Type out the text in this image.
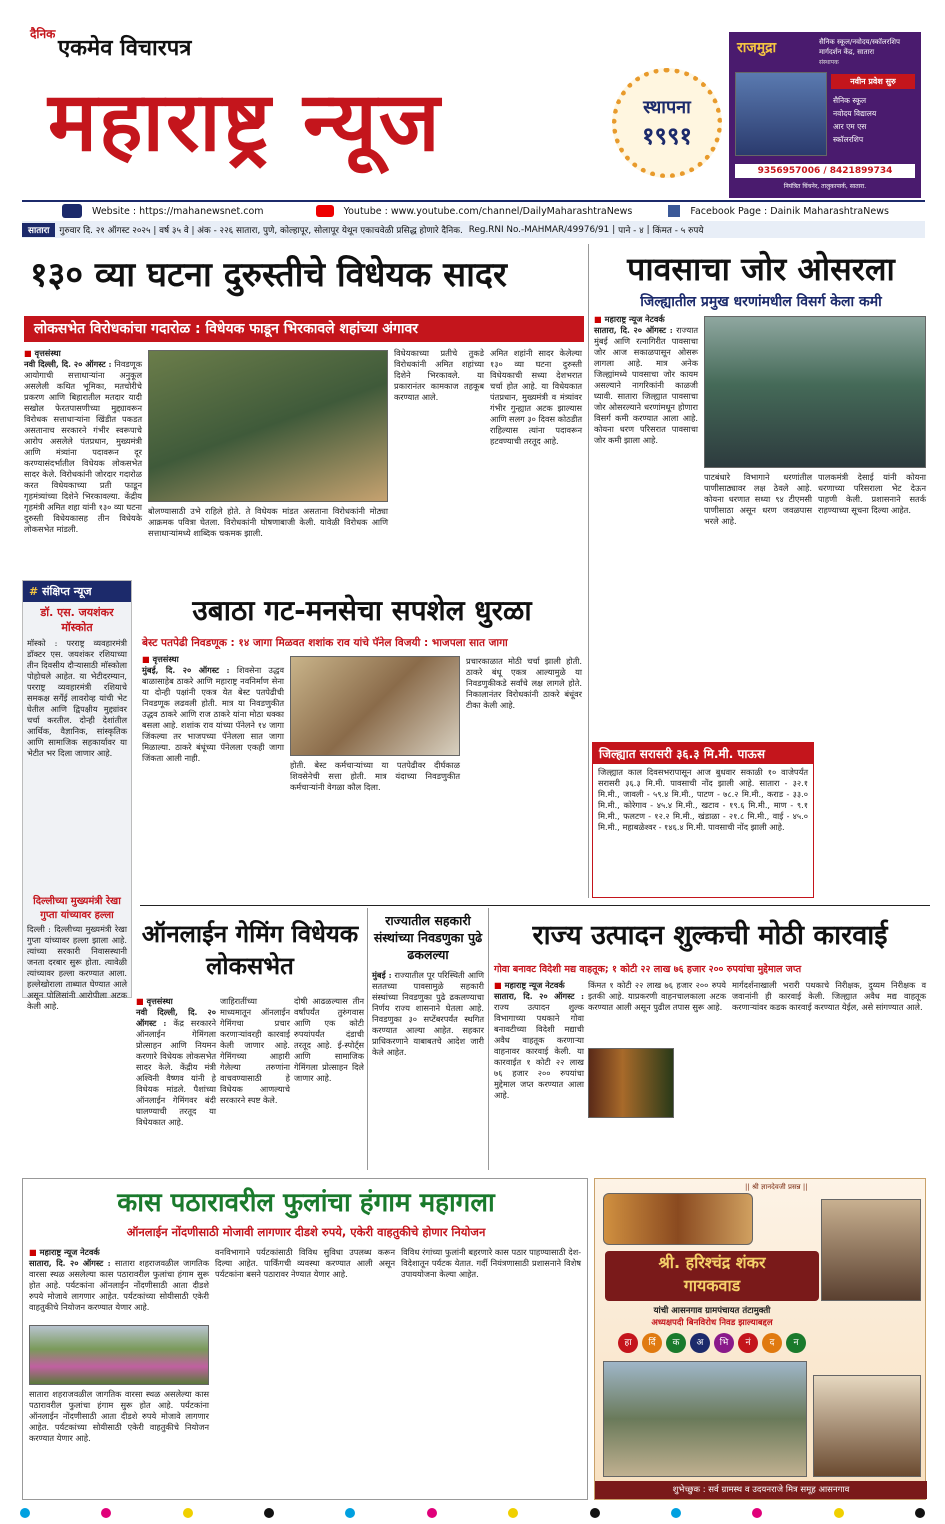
दैनिक
एकमेव विचारपत्र
महाराष्ट्र न्यूज	स्थापना
१९९१
राजमुद्रा	सैनिक स्कूल/नवोदय/स्कॉलरशिप
मार्गदर्शन केंद्र, सातारा
संस्थापक
नवीन प्रवेश सुरु
सैनिक स्कूल
नवोदय विद्यालय
आर एम एस
स्कॉलरशिप
9356957006 / 8421899734
नियंत्रित चिंचनेर, तालुकापार्क, सातारा.
Website : https://mahanewsnet.com	Youtube : www.youtube.com/channel/DailyMaharashtraNews	Facebook Page : Dainik MaharashtraNews
सातारा	गुरुवार दि. २१ ऑगस्ट २०२५ | वर्ष ३५ वे | अंक - २२६ सातारा, पुणे, कोल्हापूर, सोलापूर येथून एकाचवेळी प्रसिद्ध होणारे दैनिक. Reg.RNI No.-MAHMAR/49976/91 | पाने - ४ | किंमत - ५ रुपये
१३० व्या घटना दुरुस्तीचे विधेयक सादर
लोकसभेत विरोधकांचा गदारोळ : विधेयक फाडून भिरकावले शहांच्या अंगावर
■ वृत्तसंस्था
नवी दिल्ली, दि. २० ऑगस्ट : निवडणूक आयोगाची सत्ताधाऱ्यांना अनुकूल असलेली कथित भूमिका, मतचोरीचे प्रकरण आणि बिहारातील मतदार यादी सखोल फेरतपासणीच्या मुद्द्यावरून विरोधक सत्ताधाऱ्यांना खिंडीत पकडत असतानाच सरकारने गंभीर स्वरूपाचे आरोप असलेले पंतप्रधान, मुख्यमंत्री आणि मंत्र्यांना पदावरून दूर करण्यासंदर्भातील विधेयक लोकसभेत सादर केले. विरोधकांनी जोरदार गदारोळ करत विधेयकाच्या प्रती फाडून गृहमंत्र्यांच्या दिशेने भिरकावल्या. केंद्रीय गृहमंत्री अमित शहा यांनी १३० व्या घटना दुरुस्ती विधेयकासह तीन विधेयके लोकसभेत मांडली.
बोलण्यासाठी उभे राहिले होते. ते विधेयक मांडत असताना विरोधकांनी मोठ्या आक्रमक पवित्रा घेतला. विरोधकांनी घोषणाबाजी केली. यावेळी विरोधक आणि सत्ताधाऱ्यांमध्ये शाब्दिक चकमक झाली.
विधेयकाच्या प्रतीचे तुकडे विरोधकांनी अमित शहांच्या दिशेने भिरकावले. या प्रकारानंतर कामकाज तहकूब करण्यात आले.
अमित शहांनी सादर केलेल्या १३० व्या घटना दुरुस्ती विधेयकाची सध्या देशभरात चर्चा होत आहे. या विधेयकात पंतप्रधान, मुख्यमंत्री व मंत्र्यांवर गंभीर गुन्ह्यात अटक झाल्यास आणि सलग ३० दिवस कोठडीत राहिल्यास त्यांना पदावरून हटवण्याची तरतूद आहे.
पावसाचा जोर ओसरला
जिल्ह्यातील प्रमुख धरणांमधील विसर्ग केला कमी
■ महाराष्ट्र न्यूज नेटवर्क
सातारा, दि. २० ऑगस्ट : राज्यात मुंबई आणि रत्नागिरीत पावसाचा जोर आज सकाळपासून ओसरू लागला आहे. मात्र अनेक जिल्ह्यांमध्ये पावसाचा जोर कायम असल्याने नागरिकांनी काळजी घ्यावी. सातारा जिल्ह्यात पावसाचा जोर ओसरल्याने धरणांमधून होणारा विसर्ग कमी करण्यात आला आहे. कोयना धरण परिसरात पावसाचा जोर कमी झाला आहे.
पाटबंधारे विभागाने धरणांतील पाणीसाठ्यावर लक्ष ठेवले आहे. कोयना धरणात सध्या ९४ टीएमसी पाणीसाठा असून धरण जवळपास भरले आहे.
पालकमंत्री देसाई यांनी कोयना धरणाच्या परिसराला भेट देऊन पाहणी केली. प्रशासनाने सतर्क राहण्याच्या सूचना दिल्या आहेत.
जिल्ह्यात सरासरी ३६.३ मि.मी. पाऊस
जिल्ह्यात काल दिवसभरापासून आज बुधवार सकाळी १० वाजेपर्यंत सरासरी ३६.३ मि.मी. पावसाची नोंद झाली आहे. सातारा - ३२.१ मि.मी., जावली - ५९.४ मि.मी., पाटण - ७८.२ मि.मी., कराड - ३३.० मि.मी., कोरेगाव - ४५.४ मि.मी., खटाव - १९.६ मि.मी., माण - ९.१ मि.मी., फलटण - १२.२ मि.मी., खंडाळा - २१.८ मि.मी., वाई - ४५.० मि.मी., महाबळेश्वर - १४६.४ मि.मी. पावसाची नोंद झाली आहे.
# संक्षिप्त न्यूज
डॉ. एस. जयशंकर मॉस्कोत
मॉस्को : परराष्ट्र व्यवहारमंत्री डॉक्टर एस. जयशंकर रशियाच्या तीन दिवसीय दौऱ्यासाठी मॉस्कोला पोहोचले आहेत. या भेटीदरम्यान, परराष्ट्र व्यवहारमंत्री रशियाचे समकक्ष सर्गेई लावरोव्ह यांची भेट घेतील आणि द्विपक्षीय मुद्द्यांवर चर्चा करतील. दोन्ही देशांतील आर्थिक, वैज्ञानिक, सांस्कृतिक आणि सामाजिक सहकार्यावर या भेटीत भर दिला जाणार आहे.
दिल्लीच्या मुख्यमंत्री रेखा गुप्ता यांच्यावर हल्ला
दिल्ली : दिल्लीच्या मुख्यमंत्री रेखा गुप्ता यांच्यावर हल्ला झाला आहे. त्यांच्या सरकारी निवासस्थानी जनता दरबार सुरू होता. त्यावेळी त्यांच्यावर हल्ला करण्यात आला. हल्लेखोराला ताब्यात घेण्यात आले असून पोलिसांनी आरोपीला अटक केली आहे.
उबाठा गट-मनसेचा सपशेल धुरळा
बेस्ट पतपेढी निवडणूक : १४ जागा मिळवत शशांक राव यांचे पॅनेल विजयी : भाजपला सात जागा
■ वृत्तसंस्था
मुंबई, दि. २० ऑगस्ट : शिवसेना उद्धव बाळासाहेब ठाकरे आणि महाराष्ट्र नवनिर्माण सेना या दोन्ही पक्षांनी एकत्र येत बेस्ट पतपेढीची निवडणूक लढवली होती. मात्र या निवडणुकीत उद्धव ठाकरे आणि राज ठाकरे यांना मोठा धक्का बसला आहे. शशांक राव यांच्या पॅनेलने १४ जागा जिंकल्या तर भाजपच्या पॅनेलला सात जागा मिळाल्या. ठाकरे बंधूंच्या पॅनेलला एकही जागा जिंकता आली नाही.
होती. बेस्ट कर्मचाऱ्यांच्या या पतपेढीवर दीर्घकाळ शिवसेनेची सत्ता होती. मात्र यंदाच्या निवडणुकीत कर्मचाऱ्यांनी वेगळा कौल दिला.
प्रचारकाळात मोठी चर्चा झाली होती. ठाकरे बंधू एकत्र आल्यामुळे या निवडणुकीकडे सर्वांचे लक्ष लागले होते. निकालानंतर विरोधकांनी ठाकरे बंधूंवर टीका केली आहे.
ऑनलाईन गेमिंग विधेयक लोकसभेत
■ वृत्तसंस्था
नवी दिल्ली, दि. २० ऑगस्ट : केंद्र सरकारने ऑनलाईन गेमिंगला प्रोत्साहन आणि नियमन करणारे विधेयक लोकसभेत सादर केले. केंद्रीय मंत्री अश्विनी वैष्णव यांनी हे विधेयक मांडले. पैशांच्या ऑनलाईन गेमिंगवर बंदी घालण्याची तरतूद या विधेयकात आहे.
जाहिरातींच्या माध्यमातून ऑनलाईन गेमिंगचा प्रचार करणाऱ्यांवरही कारवाई केली जाणार आहे. गेमिंगच्या आहारी गेलेल्या तरुणांना वाचवण्यासाठी हे विधेयक आणल्याचे सरकारने स्पष्ट केले.
दोषी आढळल्यास तीन वर्षांपर्यंत तुरुंगवास आणि एक कोटी रुपयांपर्यंत दंडाची तरतूद आहे. ई-स्पोर्ट्स आणि सामाजिक गेमिंगला प्रोत्साहन दिले जाणार आहे.
राज्यातील सहकारी संस्थांच्या निवडणुका पुढे ढकलल्या
मुंबई : राज्यातील पूर परिस्थिती आणि सततच्या पावसामुळे सहकारी संस्थांच्या निवडणुका पुढे ढकलण्याचा निर्णय राज्य शासनाने घेतला आहे. निवडणुका ३० सप्टेंबरपर्यंत स्थगित करण्यात आल्या आहेत. सहकार प्राधिकरणाने याबाबतचे आदेश जारी केले आहेत.
राज्य उत्पादन शुल्कची मोठी कारवाई
गोवा बनावट विदेशी मद्य वाहतूक; १ कोटी २२ लाख ७६ हजार २०० रुपयांचा मुद्देमाल जप्त
■ महाराष्ट्र न्यूज नेटवर्क
सातारा, दि. २० ऑगस्ट : राज्य उत्पादन शुल्क विभागाच्या पथकाने गोवा बनावटीच्या विदेशी मद्याची अवैध वाहतूक करणाऱ्या वाहनावर कारवाई केली. या कारवाईत १ कोटी २२ लाख ७६ हजार २०० रुपयांचा मुद्देमाल जप्त करण्यात आला आहे.
किंमत १ कोटी २२ लाख ७६ हजार २०० रुपये इतकी आहे. याप्रकरणी वाहनचालकाला अटक करण्यात आली असून पुढील तपास सुरू आहे.
मार्गदर्शनाखाली भरारी पथकाचे निरीक्षक, दुय्यम निरीक्षक व जवानांनी ही कारवाई केली. जिल्ह्यात अवैध मद्य वाहतूक करणाऱ्यांवर कडक कारवाई करण्यात येईल, असे सांगण्यात आले.
कास पठारावरील फुलांचा हंगाम महागला
ऑनलाईन नोंदणीसाठी मोजावी लागणार दीडशे रुपये, एकेरी वाहतुकीचे होणार नियोजन
■ महाराष्ट्र न्यूज नेटवर्क
सातारा, दि. २० ऑगस्ट : सातारा शहराजवळील जागतिक वारसा स्थळ असलेल्या कास पठारावरील फुलांचा हंगाम सुरू होत आहे. पर्यटकांना ऑनलाईन नोंदणीसाठी आता दीडशे रुपये मोजावे लागणार आहेत. पर्यटकांच्या सोयीसाठी एकेरी वाहतुकीचे नियोजन करण्यात येणार आहे.
सातारा शहराजवळील जागतिक वारसा स्थळ असलेल्या कास पठारावरील फुलांचा हंगाम सुरू होत आहे. पर्यटकांना ऑनलाईन नोंदणीसाठी आता दीडशे रुपये मोजावे लागणार आहेत. पर्यटकांच्या सोयीसाठी एकेरी वाहतुकीचे नियोजन करण्यात येणार आहे.
वनविभागाने पर्यटकांसाठी विविध सुविधा उपलब्ध करून दिल्या आहेत. पार्किंगची व्यवस्था करण्यात आली असून पर्यटकांना बसने पठारावर नेण्यात येणार आहे.
विविध रंगांच्या फुलांनी बहरणारे कास पठार पाहण्यासाठी देश-विदेशातून पर्यटक येतात. गर्दी नियंत्रणासाठी प्रशासनाने विशेष उपाययोजना केल्या आहेत.
|| श्री ज्ञानदेवजी प्रसन्न ||
श्री. हरिश्चंद्र शंकर
गायकवाड
यांची आसनगाव ग्रामपंचायत तंटामुक्ती
अध्यक्षपदी बिनविरोध निवड झाल्याबद्दल
हा	र्दि	क	अ	भि	नं	द	न
शुभेच्छुक : सर्व ग्रामस्थ व उदयनराजे मित्र समूह आसनगाव
